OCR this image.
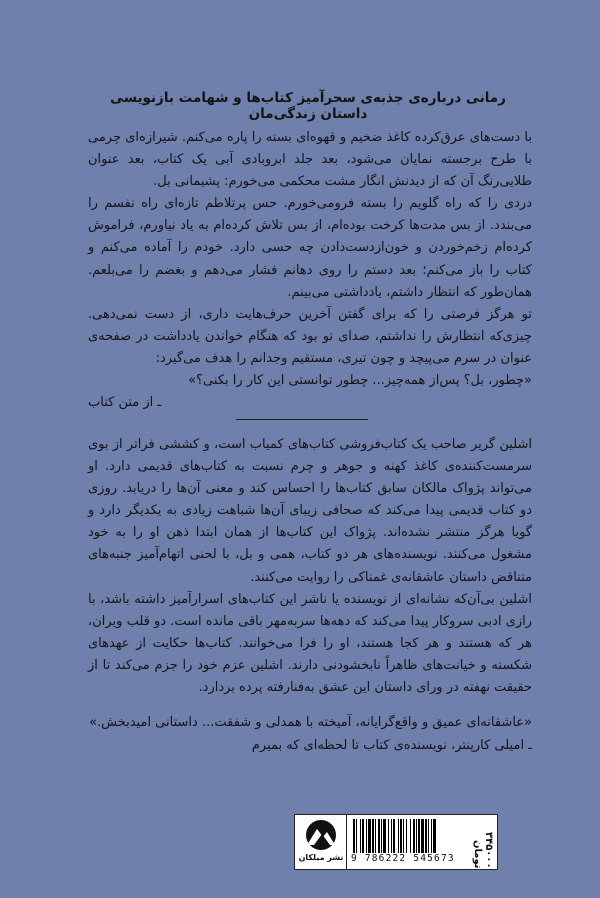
رمانی درباره‌ی جذبه‌ی سحرآمیز کتاب‌ها و شهامت بازنویسی داستان زندگی‌مان

با دست‌های عرق‌کرده کاغذ ضخیم و قهوه‌ای بسته را پاره می‌کنم. شیرازه‌ای چرمی با طرح برجسته نمایان می‌شود، بعد جلد ابروبادی آبی یک کتاب، بعد عنوان طلایی‌رنگ آن که از دیدنش انگار مشت محکمی می‌خورم: پشیمانی بل.

دردی را که راه گلویم را بسته فرومی‌خورم. حس پرتلاطم تازه‌ای راه نفسم را می‌بندد. از بس مدت‌ها کرخت بوده‌ام، از بس تلاش کرده‌ام به یاد نیاورم، فراموش کرده‌ام زخم‌خوردن و خون‌از‌دست‌دادن چه حسی دارد. خودم را آماده می‌کنم و کتاب را باز می‌کنم؛ بعد دستم را روی دهانم فشار می‌دهم و بغضم را می‌بلعم. همان‌طور که انتظار داشتم، یادداشتی می‌بینم.

تو هرگز فرصتی را که برای گفتن آخرین حرف‌هایت داری، از دست نمی‌دهی. چیزی‌که انتظارش را نداشتم، صدای تو بود که هنگام خواندن یادداشت در صفحه‌ی عنوان در سرم می‌پیچد و چون تیری، مستقیم وجدانم را هدف می‌گیرد:

«چطور، بل؟ پس‌از همه‌چیز... چطور توانستی این کار را بکنی؟»

ـ از متن کتاب

اشلین گریر صاحب یک کتاب‌فروشی کتاب‌های کمیاب است، و کششی فراتر از بوی سرمست‌کننده‌ی کاغذ کهنه و جوهر و چرم نسبت به کتاب‌های قدیمی دارد. او می‌تواند پژواک مالکان سابق کتاب‌ها را احساس کند و معنی آن‌ها را دریابد. روزی دو کتاب قدیمی پیدا می‌کند که صحافی زیبای آن‌ها شباهت زیادی به یکدیگر دارد و گویا هرگز منتشر نشده‌اند. پژواک این کتاب‌ها از همان ابتدا ذهن او را به خود مشغول می‌کنند. نویسنده‌های هر دو کتاب، همی و بل، با لحنی اتهام‌آمیز جنبه‌های متناقض داستان عاشقانه‌ی غمناکی را روایت می‌کنند.

اشلین بی‌آن‌که نشانه‌ای از نویسنده یا ناشر این کتاب‌های اسرارآمیز داشته باشد، با رازی ادبی سروکار پیدا می‌کند که دهه‌ها سربه‌مهر باقی مانده است. دو قلب ویران، هر که هستند و هر کجا هستند، او را فرا می‌خوانند. کتاب‌ها حکایت از عهدهای شکسته و خیانت‌های ظاهراً نابخشودنی دارند. اشلین عزم خود را جزم می‌کند تا از حقیقت نهفته در ورای داستان این عشق به‌فنارفته پرده بردارد.

«عاشقانه‌ای عمیق و واقع‌گرایانه، آمیخته با همدلی و شفقت... داستانی امیدبخش.»

ـ امیلی کارپنتر، نویسنده‌ی کتاب تا لحظه‌ای که بمیرم

نشر میلکان 9 786222 545673	۳۴۵۰۰۰ تومان
